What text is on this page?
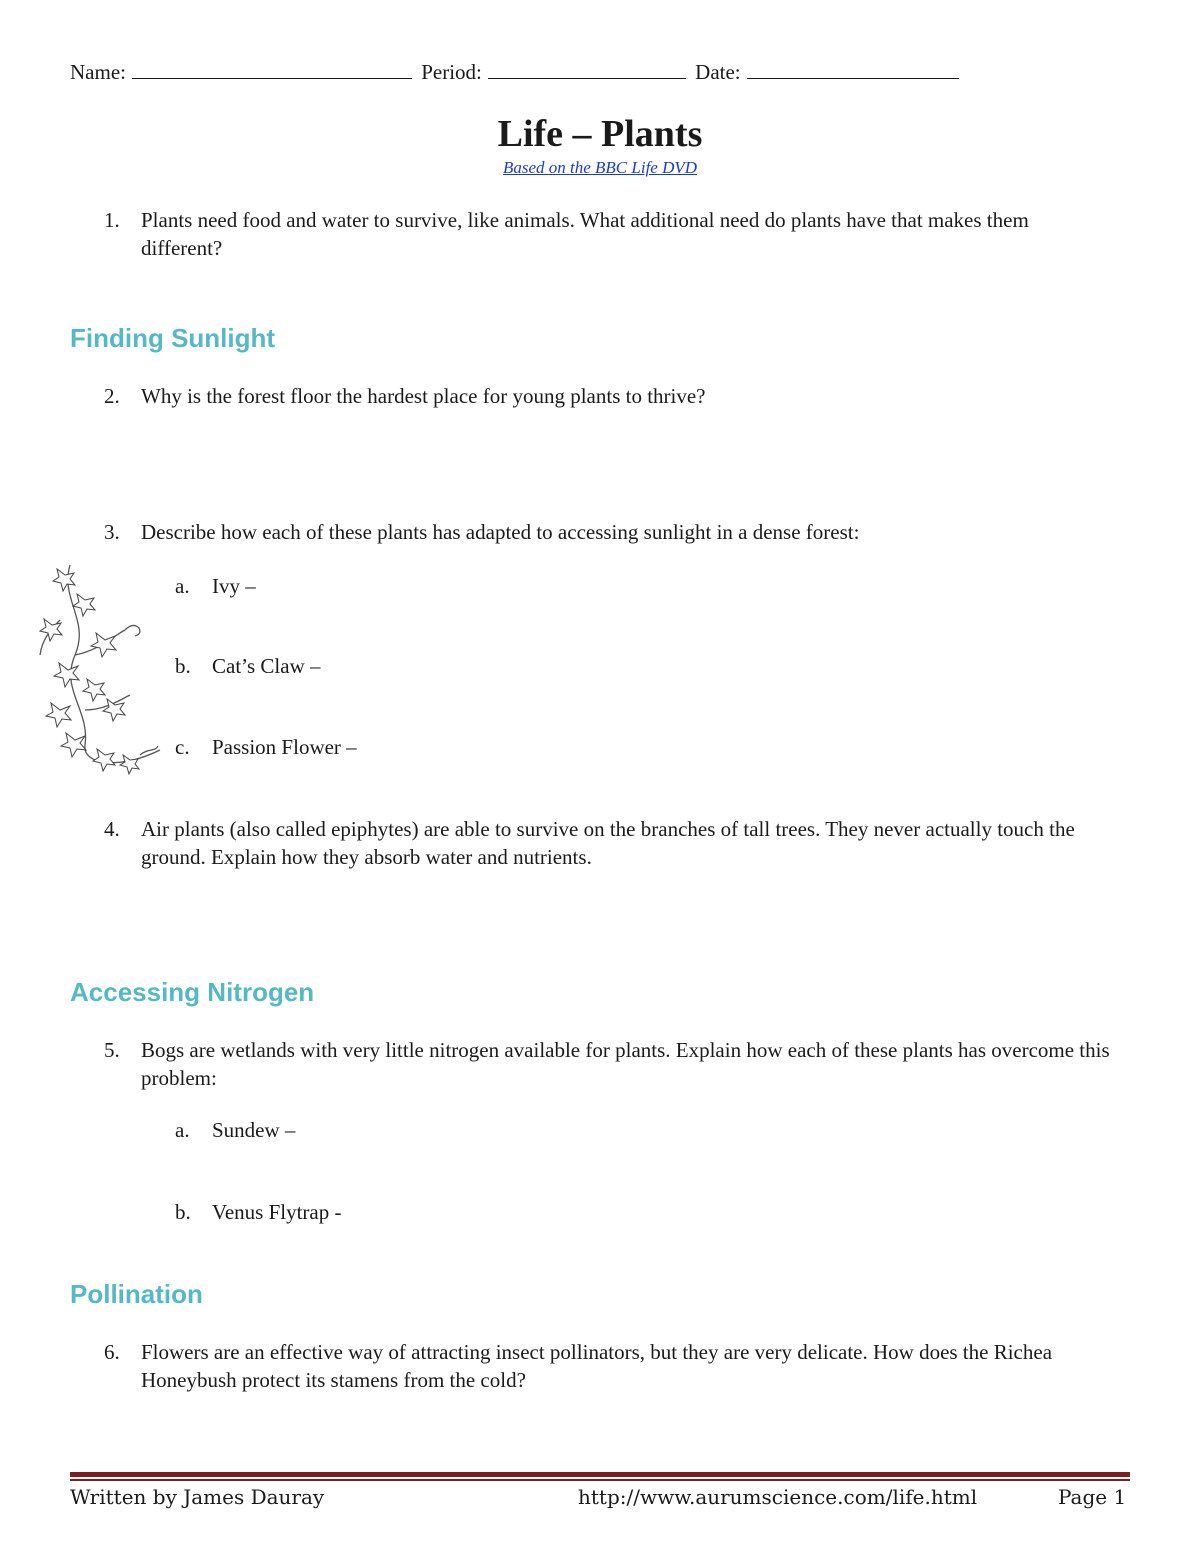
Name:	Period:	Date:
Life – Plants
Based on the BBC Life DVD
1. Plants need food and water to survive, like animals. What additional need do plants have that makes them different?
Finding Sunlight
2. Why is the forest floor the hardest place for young plants to thrive?
3. Describe how each of these plants has adapted to accessing sunlight in a dense forest:
a. Ivy –
b. Cat’s Claw –
c. Passion Flower –
4. Air plants (also called epiphytes) are able to survive on the branches of tall trees. They never actually touch the ground. Explain how they absorb water and nutrients.
Accessing Nitrogen
5. Bogs are wetlands with very little nitrogen available for plants. Explain how each of these plants has overcome this problem:
a. Sundew –
b. Venus Flytrap -
Pollination
6. Flowers are an effective way of attracting insect pollinators, but they are very delicate. How does the Richea Honeybush protect its stamens from the cold?
Written by James Dauray	http://www.aurumscience.com/life.html	Page 1
